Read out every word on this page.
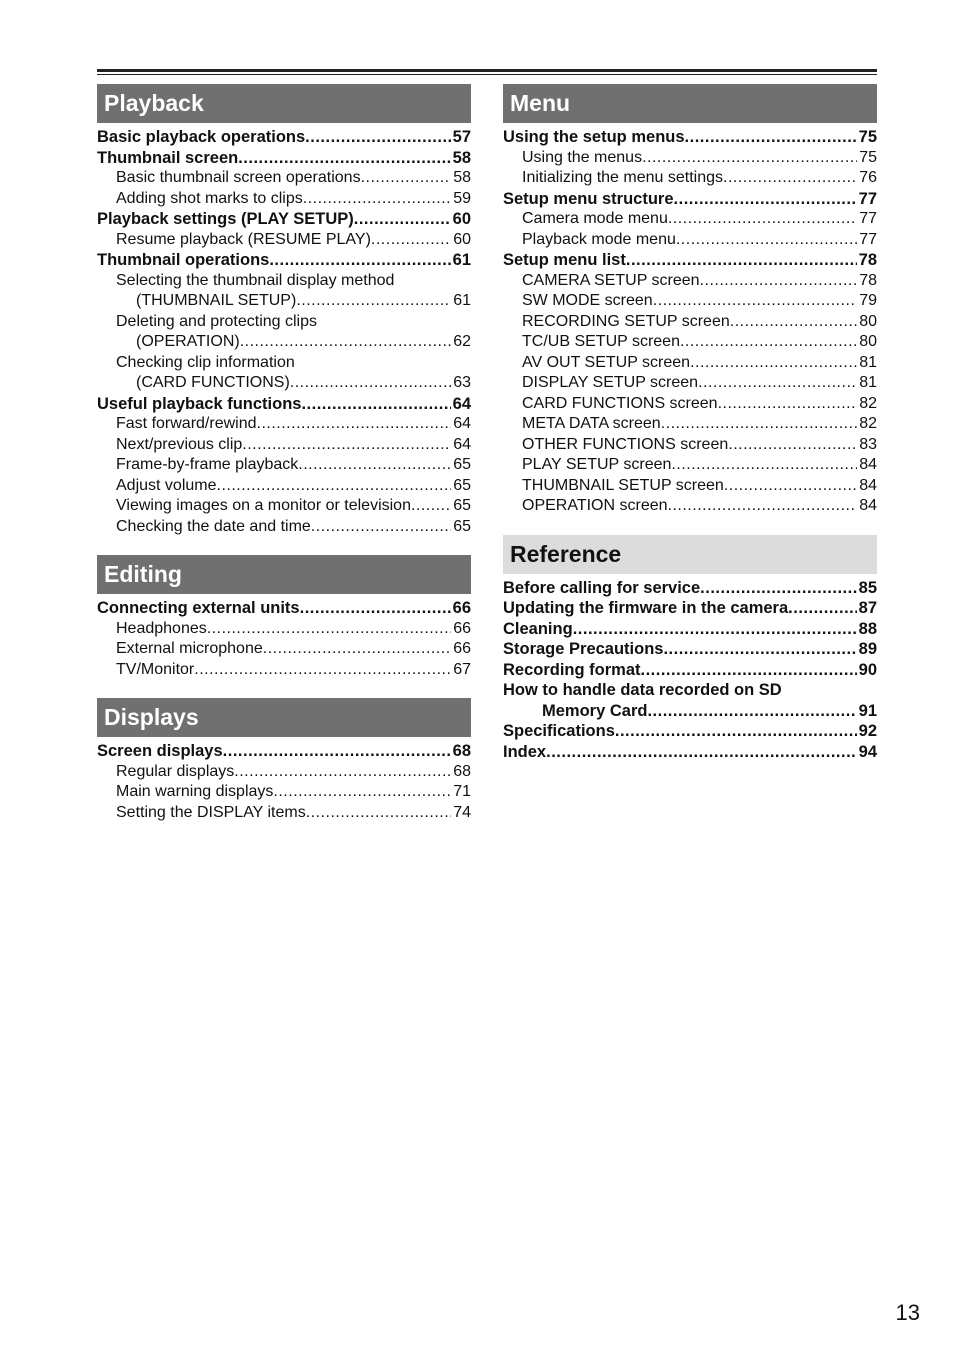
Playback
Basic playback operations .....	57
Thumbnail screen .....	58
Basic thumbnail screen operations .....	58
Adding shot marks to clips .....	59
Playback settings (PLAY SETUP) .....	60
Resume playback (RESUME PLAY) .....	60
Thumbnail operations .....	61
Selecting the thumbnail display method
(THUMBNAIL SETUP) .....	61
Deleting and protecting clips
(OPERATION) .....	62
Checking clip information
(CARD FUNCTIONS) .....	63
Useful playback functions .....	64
Fast forward/rewind .....	64
Next/previous clip .....	64
Frame-by-frame playback .....	65
Adjust volume .....	65
Viewing images on a monitor or television .....	65
Checking the date and time .....	65
Editing
Connecting external units .....	66
Headphones .....	66
External microphone .....	66
TV/Monitor .....	67
Displays
Screen displays .....	68
Regular displays .....	68
Main warning displays .....	71
Setting the DISPLAY items .....	74
Menu
Using the setup menus .....	75
Using the menus .....	75
Initializing the menu settings .....	76
Setup menu structure .....	77
Camera mode menu .....	77
Playback mode menu .....	77
Setup menu list .....	78
CAMERA SETUP screen .....	78
SW MODE screen .....	79
RECORDING SETUP screen .....	80
TC/UB SETUP screen .....	80
AV OUT SETUP screen .....	81
DISPLAY SETUP screen .....	81
CARD FUNCTIONS screen .....	82
META DATA screen .....	82
OTHER FUNCTIONS screen .....	83
PLAY SETUP screen .....	84
THUMBNAIL SETUP screen .....	84
OPERATION screen .....	84
Reference
Before calling for service .....	85
Updating the firmware in the camera .....	87
Cleaning .....	88
Storage Precautions .....	89
Recording format .....	90
How to handle data recorded on SD
Memory Card .....	91
Specifications .....	92
Index .....	94
13
